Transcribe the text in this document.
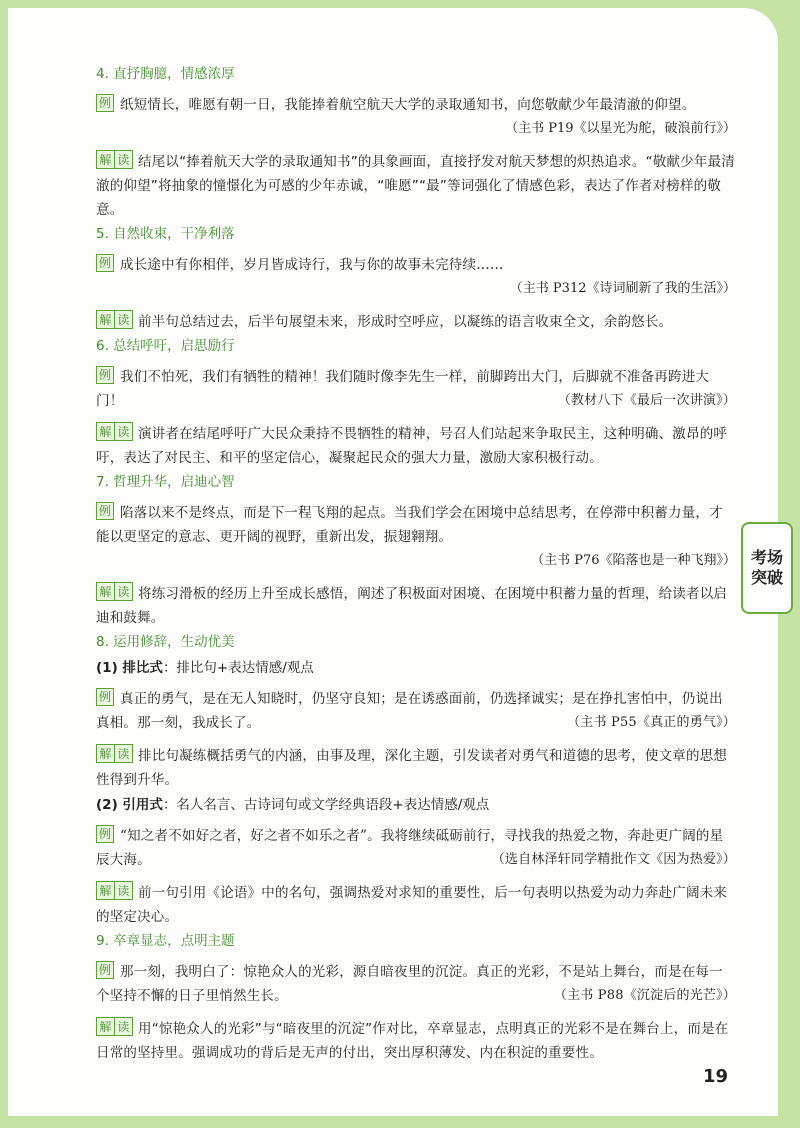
考场
突破
4. 直抒胸臆，情感浓厚

例 纸短情长，唯愿有朝一日，我能捧着航空航天大学的录取通知书，向您敬献少年最清澈的仰望。

（主书 P19《以星光为舵，破浪前行》）

解 读 结尾以“捧着航天大学的录取通知书”的具象画面，直接抒发对航天梦想的炽热追求。“敬献少年最清澈的仰望”将抽象的憧憬化为可感的少年赤诚，“唯愿”“最”等词强化了情感色彩，表达了作者对榜样的敬意。

5. 自然收束，干净利落

例 成长途中有你相伴，岁月皆成诗行，我与你的故事未完待续……

（主书 P312《诗词刷新了我的生活》）

解 读 前半句总结过去，后半句展望未来，形成时空呼应，以凝练的语言收束全文，余韵悠长。

6. 总结呼吁，启思励行

例 我们不怕死，我们有牺牲的精神！我们随时像李先生一样，前脚跨出大门，后脚就不准备再跨进大门！	（教材八下《最后一次讲演》）

解 读 演讲者在结尾呼吁广大民众秉持不畏牺牲的精神，号召人们站起来争取民主，这种明确、激昂的呼吁，表达了对民主、和平的坚定信心，凝聚起民众的强大力量，激励大家积极行动。

7. 哲理升华，启迪心智

例 陷落以来不是终点，而是下一程飞翔的起点。当我们学会在困境中总结思考，在停滞中积蓄力量，才能以更坚定的意志、更开阔的视野，重新出发，振翅翱翔。

（主书 P76《陷落也是一种飞翔》）

解 读 将练习滑板的经历上升至成长感悟，阐述了积极面对困境、在困境中积蓄力量的哲理，给读者以启迪和鼓舞。

8. 运用修辞，生动优美
(1) 排比式：排比句+表达情感/观点

例 真正的勇气，是在无人知晓时，仍坚守良知；是在诱惑面前，仍选择诚实；是在挣扎害怕中，仍说出真相。那一刻，我成长了。	（主书 P55《真正的勇气》）

解 读 排比句凝练概括勇气的内涵，由事及理，深化主题，引发读者对勇气和道德的思考，使文章的思想性得到升华。

(2) 引用式：名人名言、古诗词句或文学经典语段+表达情感/观点

例 “知之者不如好之者，好之者不如乐之者”。我将继续砥砺前行，寻找我的热爱之物，奔赴更广阔的星辰大海。	（选自林泽轩同学精批作文《因为热爱》）

解 读 前一句引用《论语》中的名句，强调热爱对求知的重要性，后一句表明以热爱为动力奔赴广阔未来的坚定决心。

9. 卒章显志，点明主题

例 那一刻，我明白了：惊艳众人的光彩，源自暗夜里的沉淀。真正的光彩，不是站上舞台，而是在每一个坚持不懈的日子里悄然生长。	（主书 P88《沉淀后的光芒》）

解 读 用“惊艳众人的光彩”与“暗夜里的沉淀”作对比，卒章显志，点明真正的光彩不是在舞台上，而是在日常的坚持里。强调成功的背后是无声的付出，突出厚积薄发、内在积淀的重要性。

19
